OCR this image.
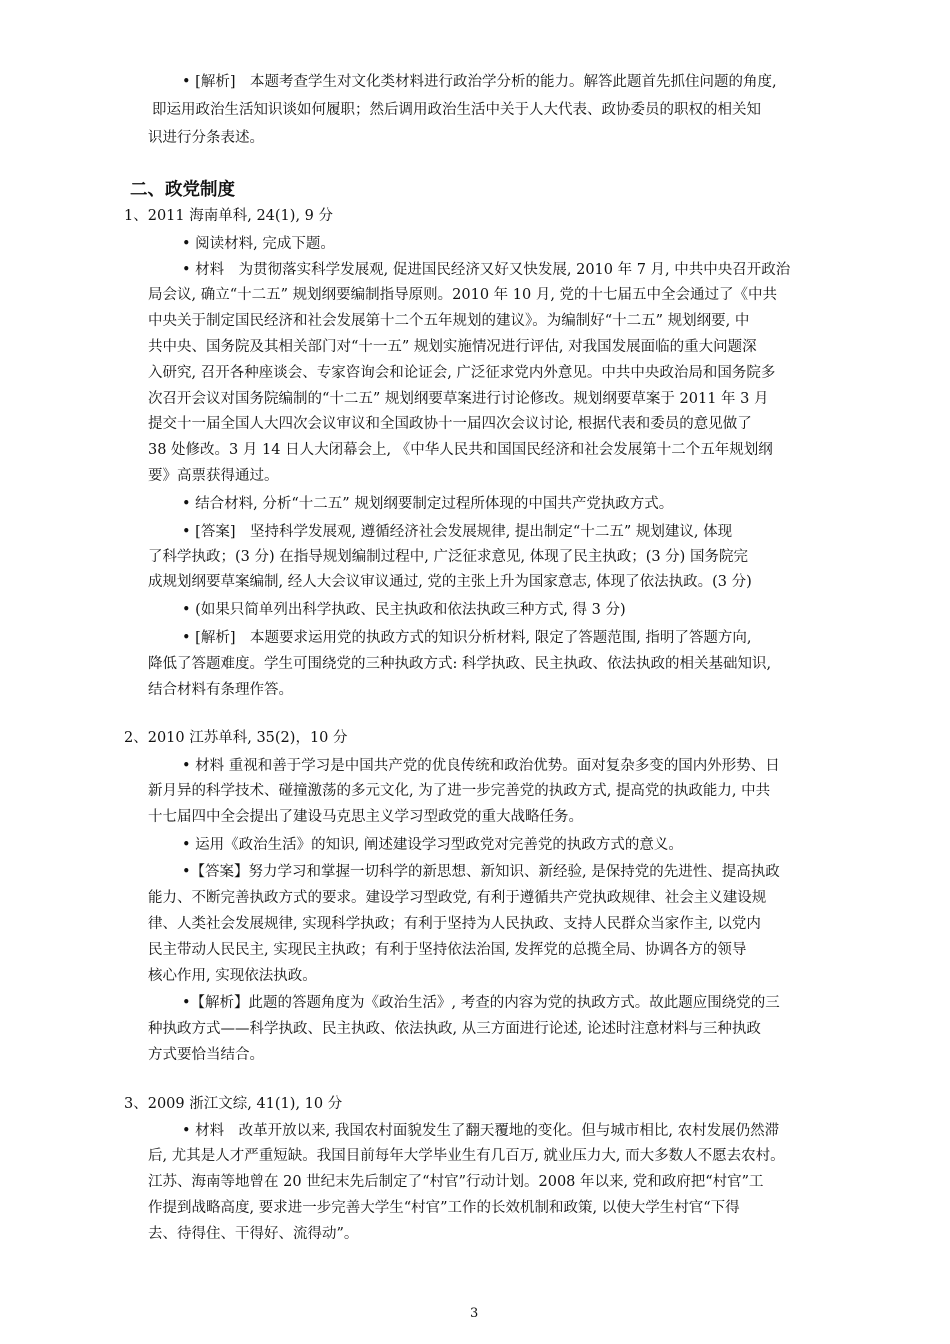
• [解析]　本题考查学生对文化类材料进行政治学分析的能力。解答此题首先抓住问题的角度,
即运用政治生活知识谈如何履职；然后调用政治生活中关于人大代表、政协委员的职权的相关知
识进行分条表述。
二、政党制度
1、2011 海南单科, 24(1), 9 分
• 阅读材料, 完成下题。
• 材料　为贯彻落实科学发展观, 促进国民经济又好又快发展, 2010 年 7 月, 中共中央召开政治
局会议, 确立“十二五” 规划纲要编制指导原则。2010 年 10 月, 党的十七届五中全会通过了《中共
中央关于制定国民经济和社会发展第十二个五年规划的建议》。为编制好“十二五” 规划纲要, 中
共中央、国务院及其相关部门对“十一五” 规划实施情况进行评估, 对我国发展面临的重大问题深
入研究, 召开各种座谈会、专家咨询会和论证会, 广泛征求党内外意见。中共中央政治局和国务院多
次召开会议对国务院编制的“十二五” 规划纲要草案进行讨论修改。规划纲要草案于 2011 年 3 月
提交十一届全国人大四次会议审议和全国政协十一届四次会议讨论, 根据代表和委员的意见做了
38 处修改。3 月 14 日人大闭幕会上, 《中华人民共和国国民经济和社会发展第十二个五年规划纲
要》高票获得通过。
• 结合材料, 分析“十二五” 规划纲要制定过程所体现的中国共产党执政方式。
• [答案]　坚持科学发展观, 遵循经济社会发展规律, 提出制定“十二五” 规划建议, 体现
了科学执政；(3 分) 在指导规划编制过程中, 广泛征求意见, 体现了民主执政；(3 分) 国务院完
成规划纲要草案编制, 经人大会议审议通过, 党的主张上升为国家意志, 体现了依法执政。(3 分)
• (如果只简单列出科学执政、民主执政和依法执政三种方式, 得 3 分)
• [解析]　本题要求运用党的执政方式的知识分析材料, 限定了答题范围, 指明了答题方向,
降低了答题难度。学生可围绕党的三种执政方式: 科学执政、民主执政、依法执政的相关基础知识,
结合材料有条理作答。
2、2010 江苏单科, 35(2)，10 分
• 材料 重视和善于学习是中国共产党的优良传统和政治优势。面对复杂多变的国内外形势、日
新月异的科学技术、碰撞激荡的多元文化, 为了进一步完善党的执政方式, 提高党的执政能力, 中共
十七届四中全会提出了建设马克思主义学习型政党的重大战略任务。
• 运用《政治生活》的知识, 阐述建设学习型政党对完善党的执政方式的意义。
•【答案】努力学习和掌握一切科学的新思想、新知识、新经验, 是保持党的先进性、提高执政
能力、不断完善执政方式的要求。建设学习型政党, 有利于遵循共产党执政规律、社会主义建设规
律、人类社会发展规律, 实现科学执政；有利于坚持为人民执政、支持人民群众当家作主, 以党内
民主带动人民民主, 实现民主执政；有利于坚持依法治国, 发挥党的总揽全局、协调各方的领导
核心作用, 实现依法执政。
•【解析】此题的答题角度为《政治生活》, 考查的内容为党的执政方式。故此题应围绕党的三
种执政方式——科学执政、民主执政、依法执政, 从三方面进行论述, 论述时注意材料与三种执政
方式要恰当结合。
3、2009 浙江文综, 41(1), 10 分
• 材料　改革开放以来, 我国农村面貌发生了翻天覆地的变化。但与城市相比, 农村发展仍然滞
后, 尤其是人才严重短缺。我国目前每年大学毕业生有几百万, 就业压力大, 而大多数人不愿去农村。
江苏、海南等地曾在 20 世纪末先后制定了“村官”行动计划。2008 年以来, 党和政府把“村官”工
作提到战略高度, 要求进一步完善大学生“村官”工作的长效机制和政策, 以使大学生村官“下得
去、待得住、干得好、流得动”。
3
